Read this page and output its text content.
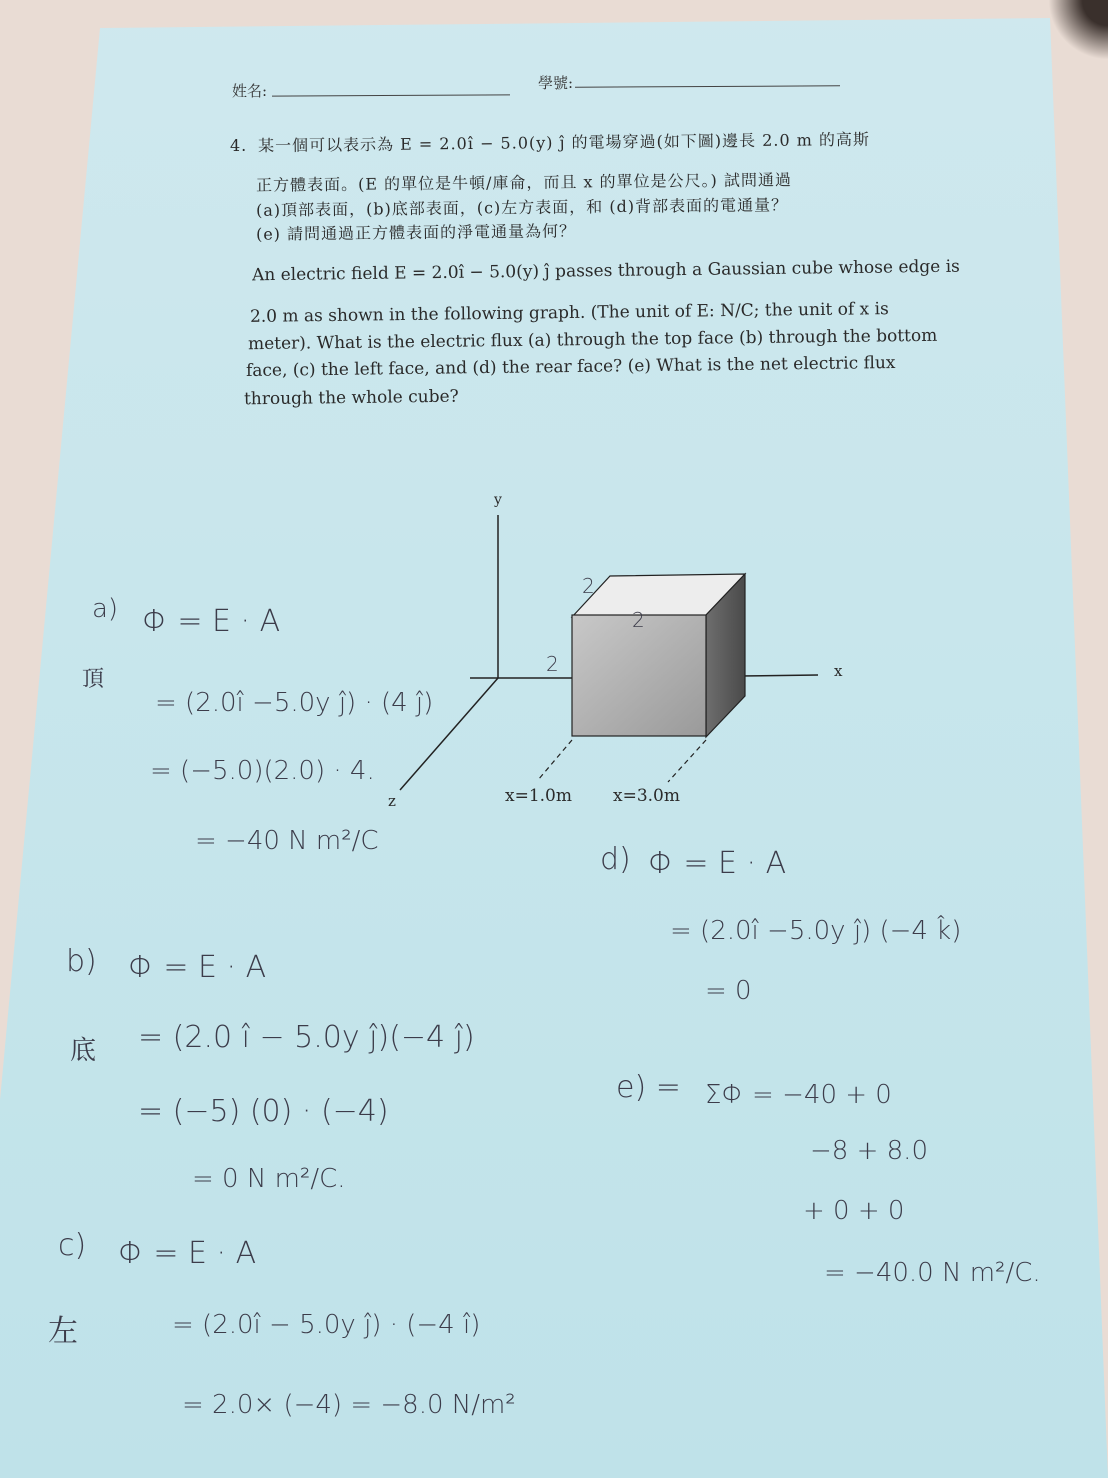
姓名:	學號:
4. 某一個可以表示為 E = 2.0î − 5.0(y) ĵ 的電場穿過(如下圖)邊長 2.0 m 的高斯
正方體表面。(E 的單位是牛頓/庫侖，而且 x 的單位是公尺。) 試問通過
(a)頂部表面，(b)底部表面，(c)左方表面，和 (d)背部表面的電通量？
(e) 請問通過正方體表面的淨電通量為何？
An electric field E = 2.0î − 5.0(y) ĵ passes through a Gaussian cube whose edge is
2.0 m as shown in the following graph. (The unit of E: N/C; the unit of x is
meter). What is the electric flux (a) through the top face (b) through the bottom
face, (c) the left face, and (d) the rear face? (e) What is the net electric flux
through the whole cube?
y
x
z	x=1.0m x=3.0m
2
2
2
a)
頂
Φ = E · A
= (2.0î −5.0y ĵ) · (4 ĵ)
= (−5.0)(2.0) · 4.
= −40 N m²/C
b) Φ = E · A
底 = (2.0 î − 5.0y ĵ)(−4 ĵ)
= (−5) (0) · (−4)
= 0 N m²/C.
c) Φ = E · A
左	= (2.0î − 5.0y ĵ) · (−4 î)
= 2.0× (−4) = −8.0 N/m²
d) Φ = E · A
= (2.0î −5.0y ĵ) (−4 k̂)
= 0
e) = ΣΦ = −40 + 0
−8 + 8.0
+ 0 + 0
= −40.0 N m²/C.
